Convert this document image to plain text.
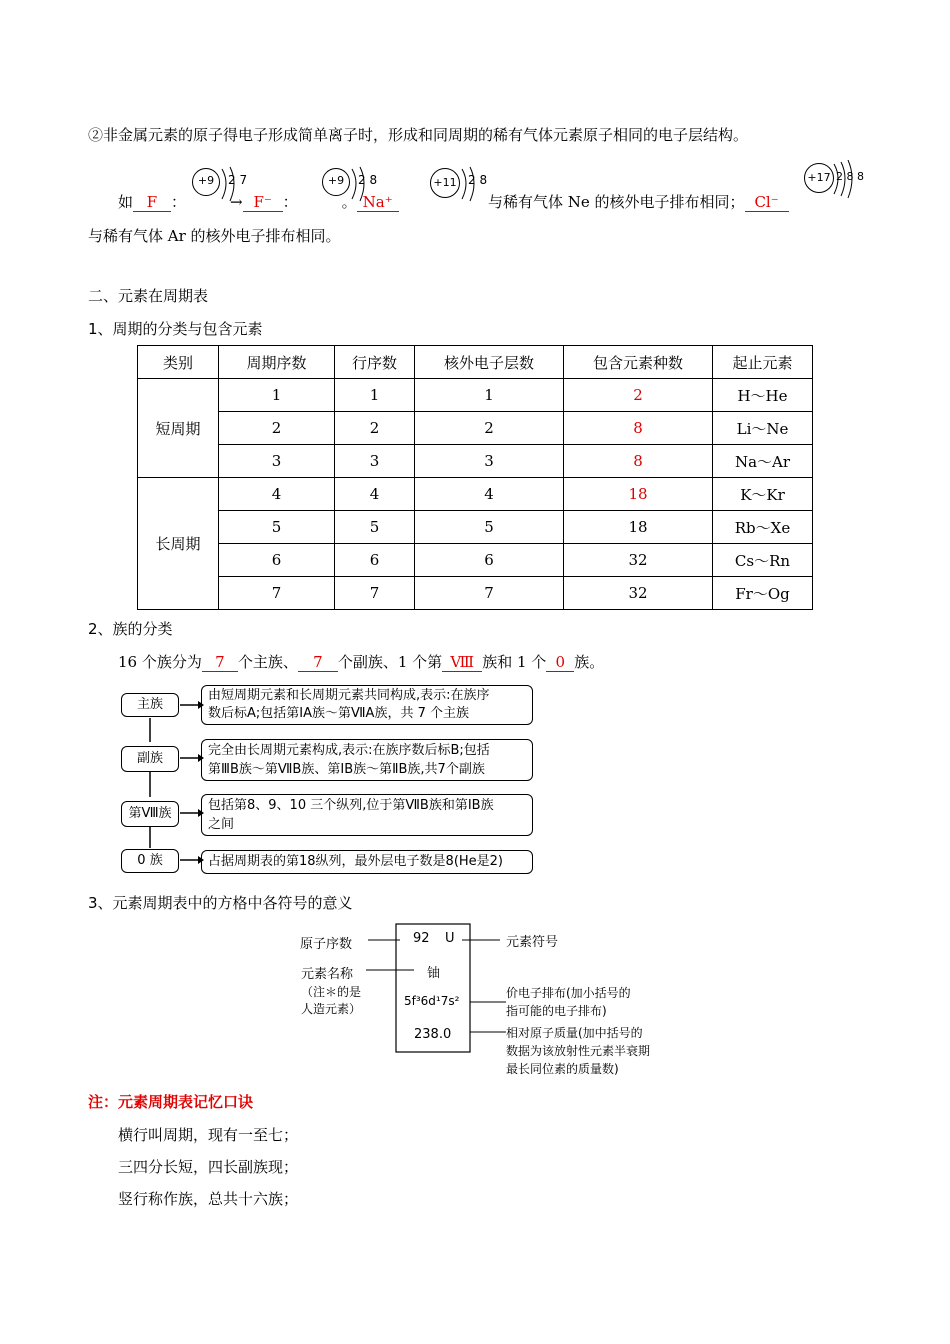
②非金属元素的原子得电子形成简单离子时，形成和同周期的稀有气体元素原子相同的电子层结构。
+9	2 7	+9	2 8	+11 2 8	+17 2 8 8
如 F ：	→ F⁻ ：	。 Na⁺	与稀有气体 Ne 的核外电子排布相同； Cl⁻
与稀有气体 Ar 的核外电子排布相同。
二、元素在周期表
1、周期的分类与包含元素
类别	周期序数	行序数	核外电子层数	包含元素种数	起止元素
短周期	1	1	1	2	H～He
	2	2	2	8	Li～Ne
	3	3	3	8	Na～Ar
长周期	4	4	4	18	K～Kr
	5	5	5	18	Rb～Xe
	6	6	6	32	Cs～Rn
	7	7	7	32	Fr～Og
2、族的分类
16 个族分为 7 个主族、 7 个副族、1 个第 Ⅷ 族和 1 个 0 族。
主族
由短周期元素和长周期元素共同构成,表示:在族序
数后标A;包括第ⅠA族～第ⅦA族，共 7 个主族
副族
完全由长周期元素构成,表示:在族序数后标B;包括
第ⅢB族～第ⅦB族、第ⅠB族～第ⅡB族,共7个副族
第Ⅷ族
包括第8、9、10 三个纵列,位于第ⅦB族和第ⅠB族
之间
0 族	占据周期表的第18纵列，最外层电子数是8(He是2)
3、元素周期表中的方格中各符号的意义
原子序数
元素名称
（注＊的是
人造元素）
92 U
铀
5f³6d¹7s²
238.0
元素符号
价电子排布(加小括号的
指可能的电子排布)
相对原子质量(加中括号的
数据为该放射性元素半衰期
最长同位素的质量数)
注：元素周期表记忆口诀
横行叫周期，现有一至七；
三四分长短，四长副族现；
竖行称作族，总共十六族；
